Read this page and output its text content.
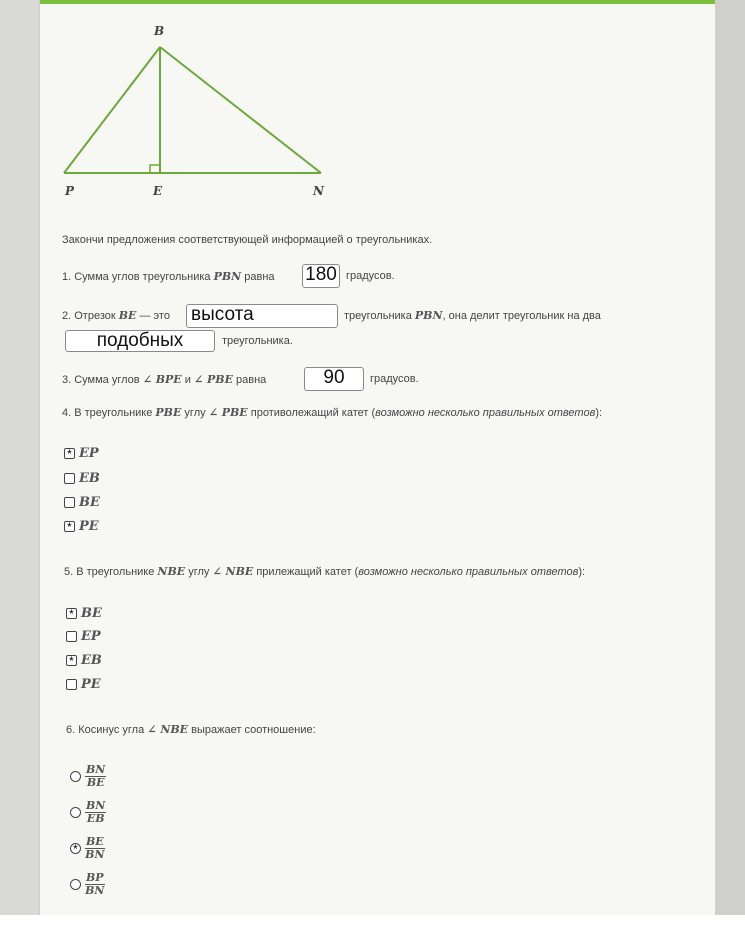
B
P	E	N
Закончи предложения соответствующей информацией о треугольниках.
1. Сумма углов треугольника PBN равна 180 градусов.
2. Отрезок BE — это высота	треугольника PBN, она делит треугольник на два
подобных	треугольника.
3. Сумма углов ∠ BPE и ∠ PBE равна	90	градусов.
4. В треугольнике PBE углу ∠ PBE противолежащий катет (возможно несколько правильных ответов):
* EP
EB
BE
* PE
5. В треугольнике NBE углу ∠ NBE прилежащий катет (возможно несколько правильных ответов):
* BE
EP
* EB
PE
6. Косинус угла ∠ NBE выражает соотношение:
$\frac{BN}{BE}$
$\frac{BN}{EB}$
* $\frac{BE}{BN}$
$\frac{BP}{BN}$
